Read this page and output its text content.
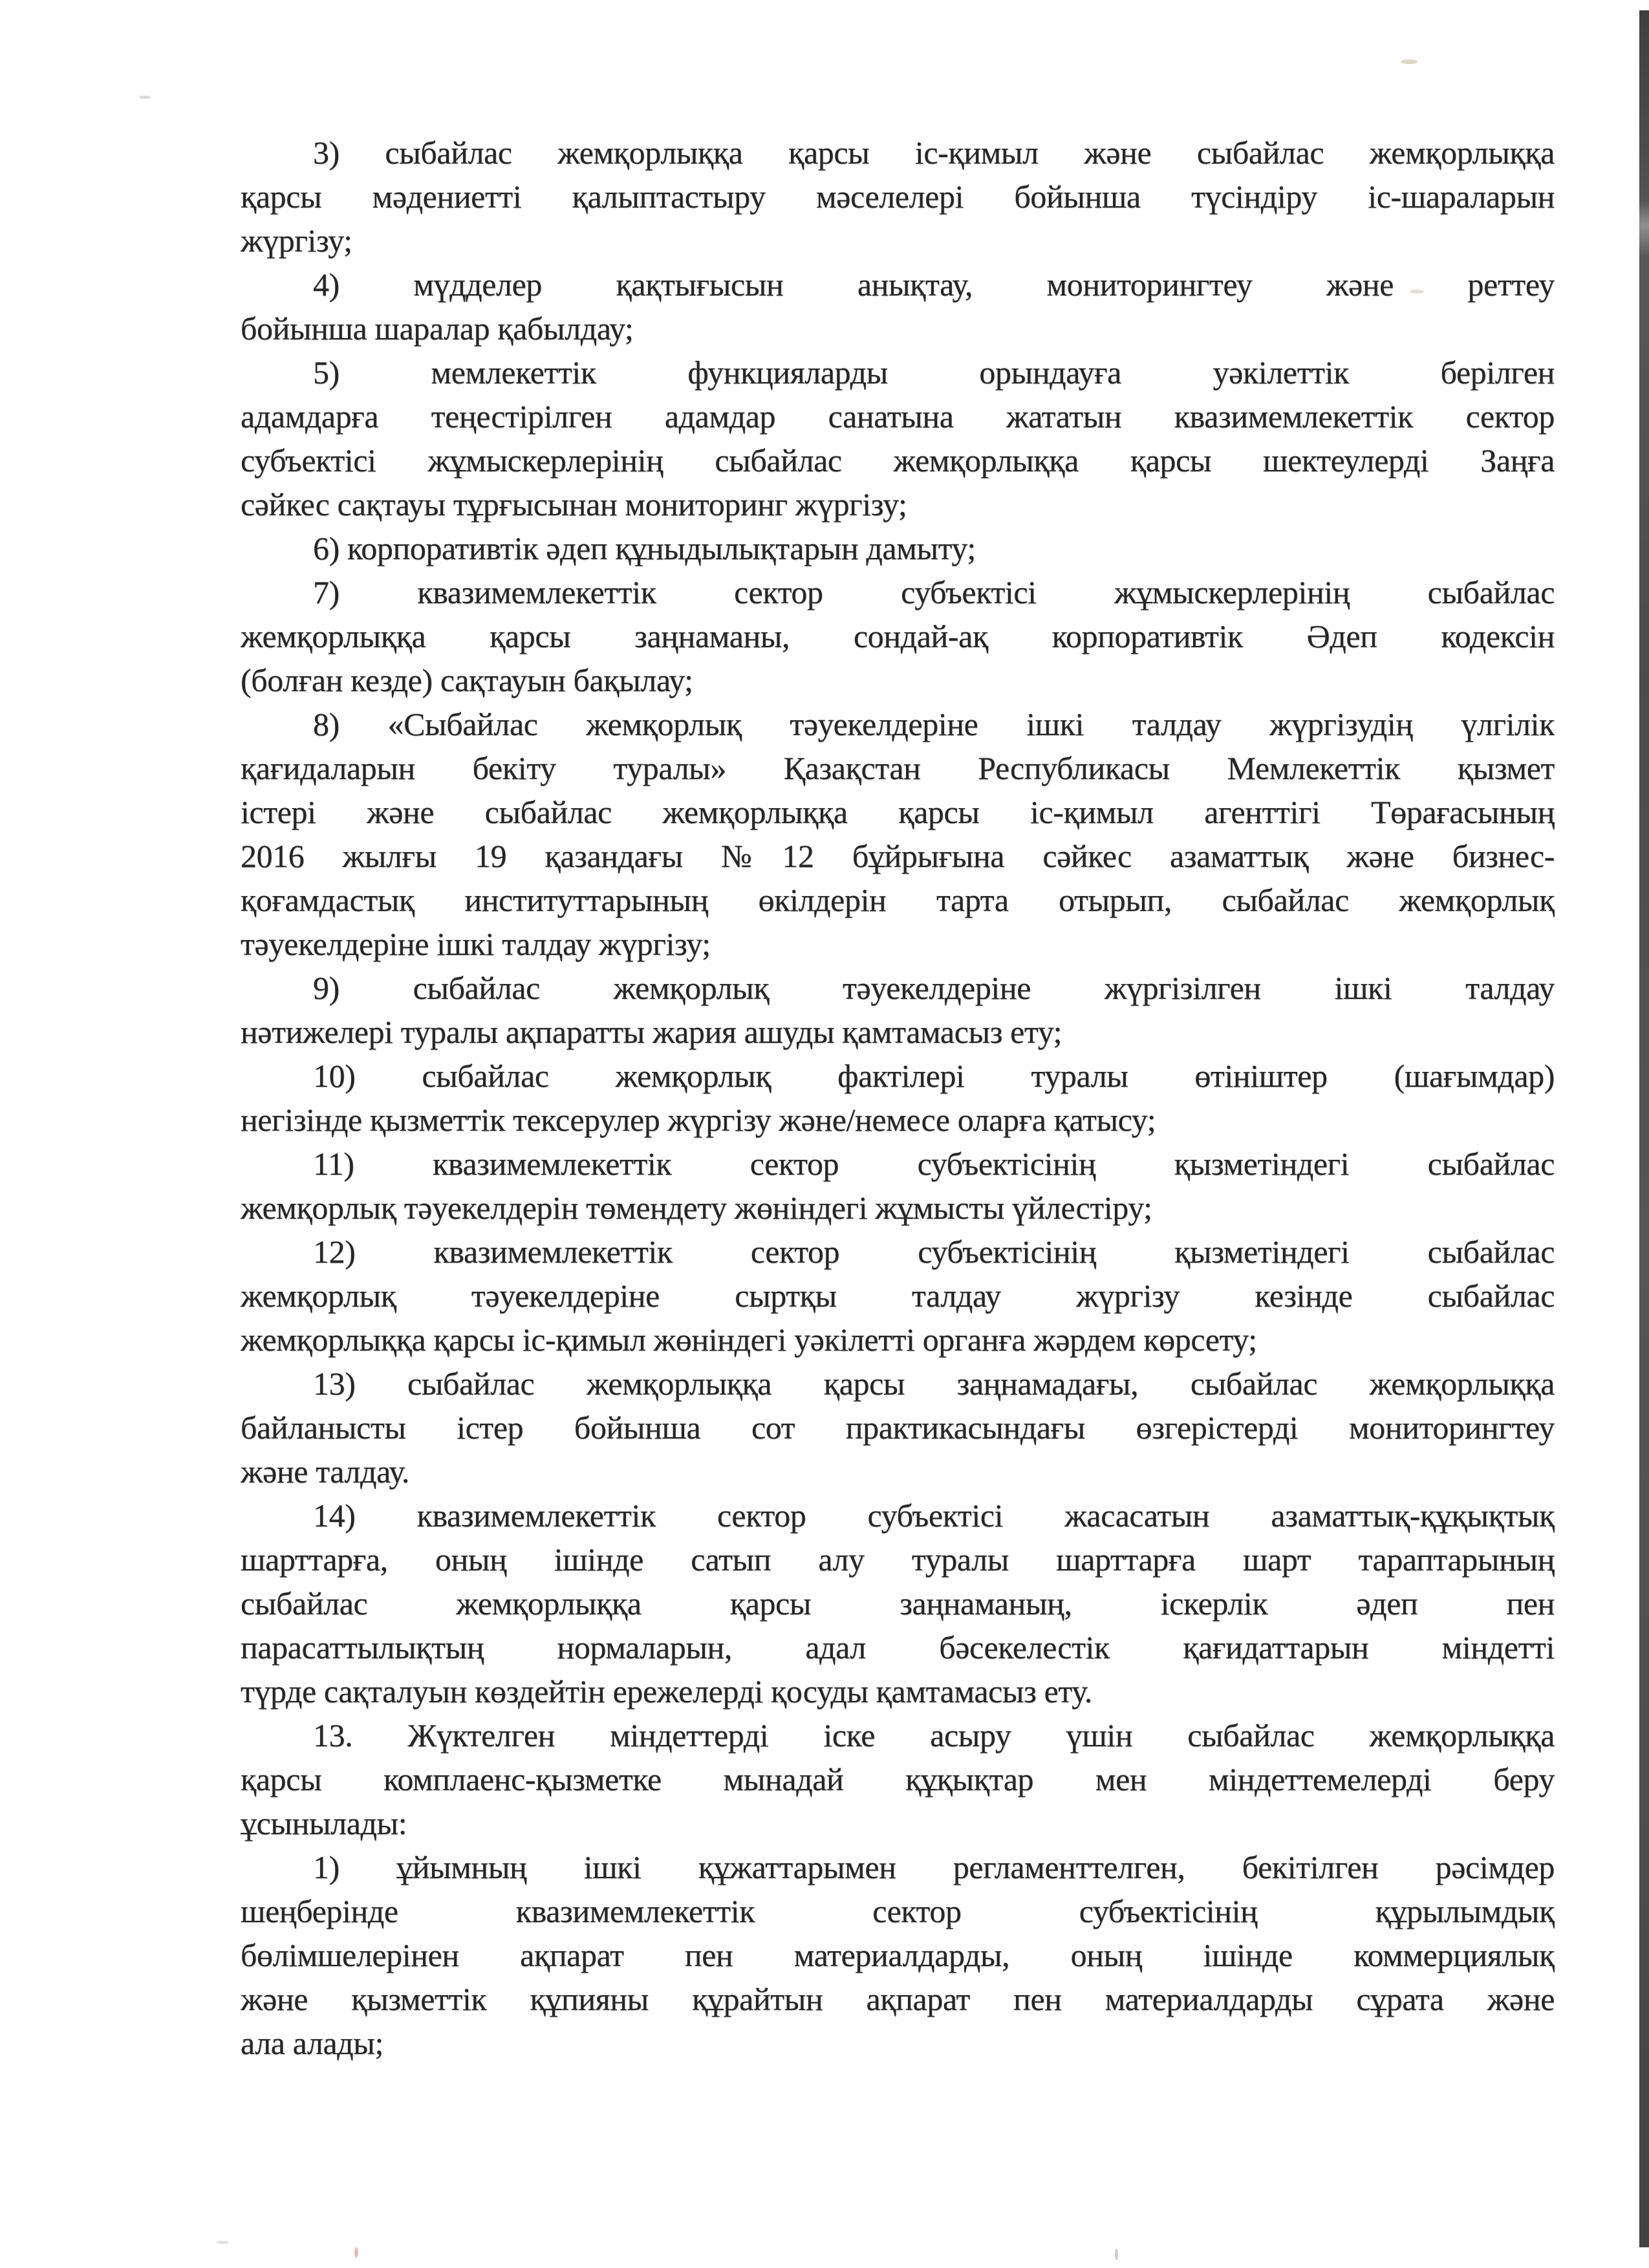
3) сыбайлас жемқорлыққа қарсы іс-қимыл және сыбайлас жемқорлыққа
қарсы мәдениетті қалыптастыру мәселелері бойынша түсіндіру іс-шараларын
жүргізу;
4) мүдделер қақтығысын анықтау, мониторингтеу және реттеу
бойынша шаралар қабылдау;
5) мемлекеттік функцияларды орындауға уәкілеттік берілген
адамдарға теңестірілген адамдар санатына жататын квазимемлекеттік сектор
субъектісі жұмыскерлерінің сыбайлас жемқорлыққа қарсы шектеулерді Заңға
сәйкес сақтауы тұрғысынан мониторинг жүргізу;
6) корпоративтік әдеп құныдылықтарын дамыту;
7) квазимемлекеттік сектор субъектісі жұмыскерлерінің сыбайлас
жемқорлыққа қарсы заңнаманы, сондай-ақ корпоративтік Әдеп кодексін
(болған кезде) сақтауын бақылау;
8) «Сыбайлас жемқорлық тәуекелдеріне ішкі талдау жүргізудің үлгілік
қағидаларын бекіту туралы» Қазақстан Республикасы Мемлекеттік қызмет
істері және сыбайлас жемқорлыққа қарсы іс-қимыл агенттігі Төрағасының
2016 жылғы 19 қазандағы №12 бұйрығына сәйкес азаматтық және бизнес-
қоғамдастық институттарының өкілдерін тарта отырып, сыбайлас жемқорлық
тәуекелдеріне ішкі талдау жүргізу;
9) сыбайлас жемқорлық тәуекелдеріне жүргізілген ішкі талдау
нәтижелері туралы ақпаратты жария ашуды қамтамасыз ету;
10) сыбайлас жемқорлық фактілері туралы өтініштер (шағымдар)
негізінде қызметтік тексерулер жүргізу және/немесе оларға қатысу;
11) квазимемлекеттік сектор субъектісінің қызметіндегі сыбайлас
жемқорлық тәуекелдерін төмендету жөніндегі жұмысты үйлестіру;
12) квазимемлекеттік сектор субъектісінің қызметіндегі сыбайлас
жемқорлық тәуекелдеріне сыртқы талдау жүргізу кезінде сыбайлас
жемқорлыққа қарсы іс-қимыл жөніндегі уәкілетті органға жәрдем көрсету;
13) сыбайлас жемқорлыққа қарсы заңнамадағы, сыбайлас жемқорлыққа
байланысты істер бойынша сот практикасындағы өзгерістерді мониторингтеу
және талдау.
14) квазимемлекеттік сектор субъектісі жасасатын азаматтық-құқықтық
шарттарға, оның ішінде сатып алу туралы шарттарға шарт тараптарының
сыбайлас жемқорлыққа қарсы заңнаманың, іскерлік әдеп пен
парасаттылықтың нормаларын, адал бәсекелестік қағидаттарын міндетті
түрде сақталуын көздейтін ережелерді қосуды қамтамасыз ету.
13. Жүктелген міндеттерді іске асыру үшін сыбайлас жемқорлыққа
қарсы комплаенс-қызметке мынадай құқықтар мен міндеттемелерді беру
ұсынылады:
1) ұйымның ішкі құжаттарымен регламенттелген, бекітілген рәсімдер
шеңберінде квазимемлекеттік сектор субъектісінің құрылымдық
бөлімшелерінен ақпарат пен материалдарды, оның ішінде коммерциялық
және қызметтік құпияны құрайтын ақпарат пен материалдарды сұрата және
ала алады;
